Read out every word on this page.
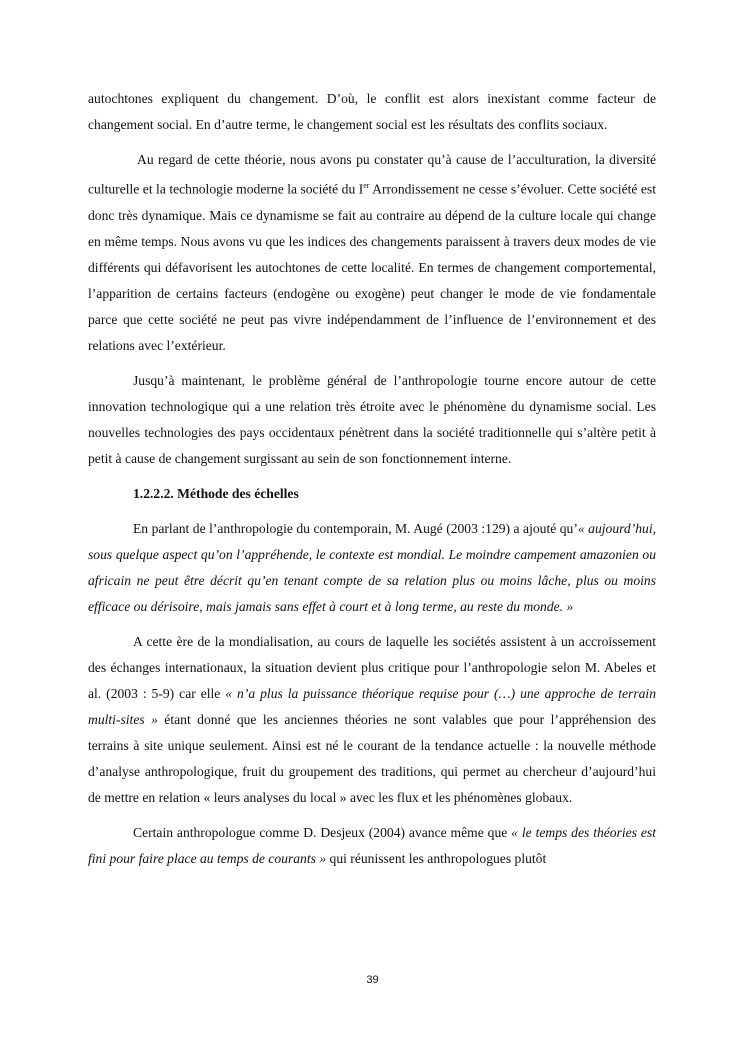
autochtones expliquent du changement. D’où, le conflit est alors inexistant comme facteur de changement social. En d’autre terme, le changement social est les résultats des conflits sociaux.

Au regard de cette théorie, nous avons pu constater qu’à cause de l’acculturation, la diversité culturelle et la technologie moderne la société du Ier Arrondissement ne cesse s’évoluer. Cette société est donc très dynamique. Mais ce dynamisme se fait au contraire au dépend de la culture locale qui change en même temps. Nous avons vu que les indices des changements paraissent à travers deux modes de vie différents qui défavorisent les autochtones de cette localité. En termes de changement comportemental, l’apparition de certains facteurs (endogène ou exogène) peut changer le mode de vie fondamentale parce que cette société ne peut pas vivre indépendamment de l’influence de l’environnement et des relations avec l’extérieur.

Jusqu’à maintenant, le problème général de l’anthropologie tourne encore autour de cette innovation technologique qui a une relation très étroite avec le phénomène du dynamisme social. Les nouvelles technologies des pays occidentaux pénètrent dans la société traditionnelle qui s’altère petit à petit à cause de changement surgissant au sein de son fonctionnement interne.

1.2.2.2. Méthode des échelles

En parlant de l’anthropologie du contemporain, M. Augé (2003 :129) a ajouté qu’« aujourd’hui, sous quelque aspect qu’on l’appréhende, le contexte est mondial. Le moindre campement amazonien ou africain ne peut être décrit qu’en tenant compte de sa relation plus ou moins lâche, plus ou moins efficace ou dérisoire, mais jamais sans effet à court et à long terme, au reste du monde. »

A cette ère de la mondialisation, au cours de laquelle les sociétés assistent à un accroissement des échanges internationaux, la situation devient plus critique pour l’anthropologie selon M. Abeles et al. (2003 : 5-9) car elle « n’a plus la puissance théorique requise pour (…) une approche de terrain multi-sites » étant donné que les anciennes théories ne sont valables que pour l’appréhension des terrains à site unique seulement. Ainsi est né le courant de la tendance actuelle : la nouvelle méthode d’analyse anthropologique, fruit du groupement des traditions, qui permet au chercheur d’aujourd’hui de mettre en relation « leurs analyses du local » avec les flux et les phénomènes globaux.

Certain anthropologue comme D. Desjeux (2004) avance même que « le temps des théories est fini pour faire place au temps de courants » qui réunissent les anthropologues plutôt

39
